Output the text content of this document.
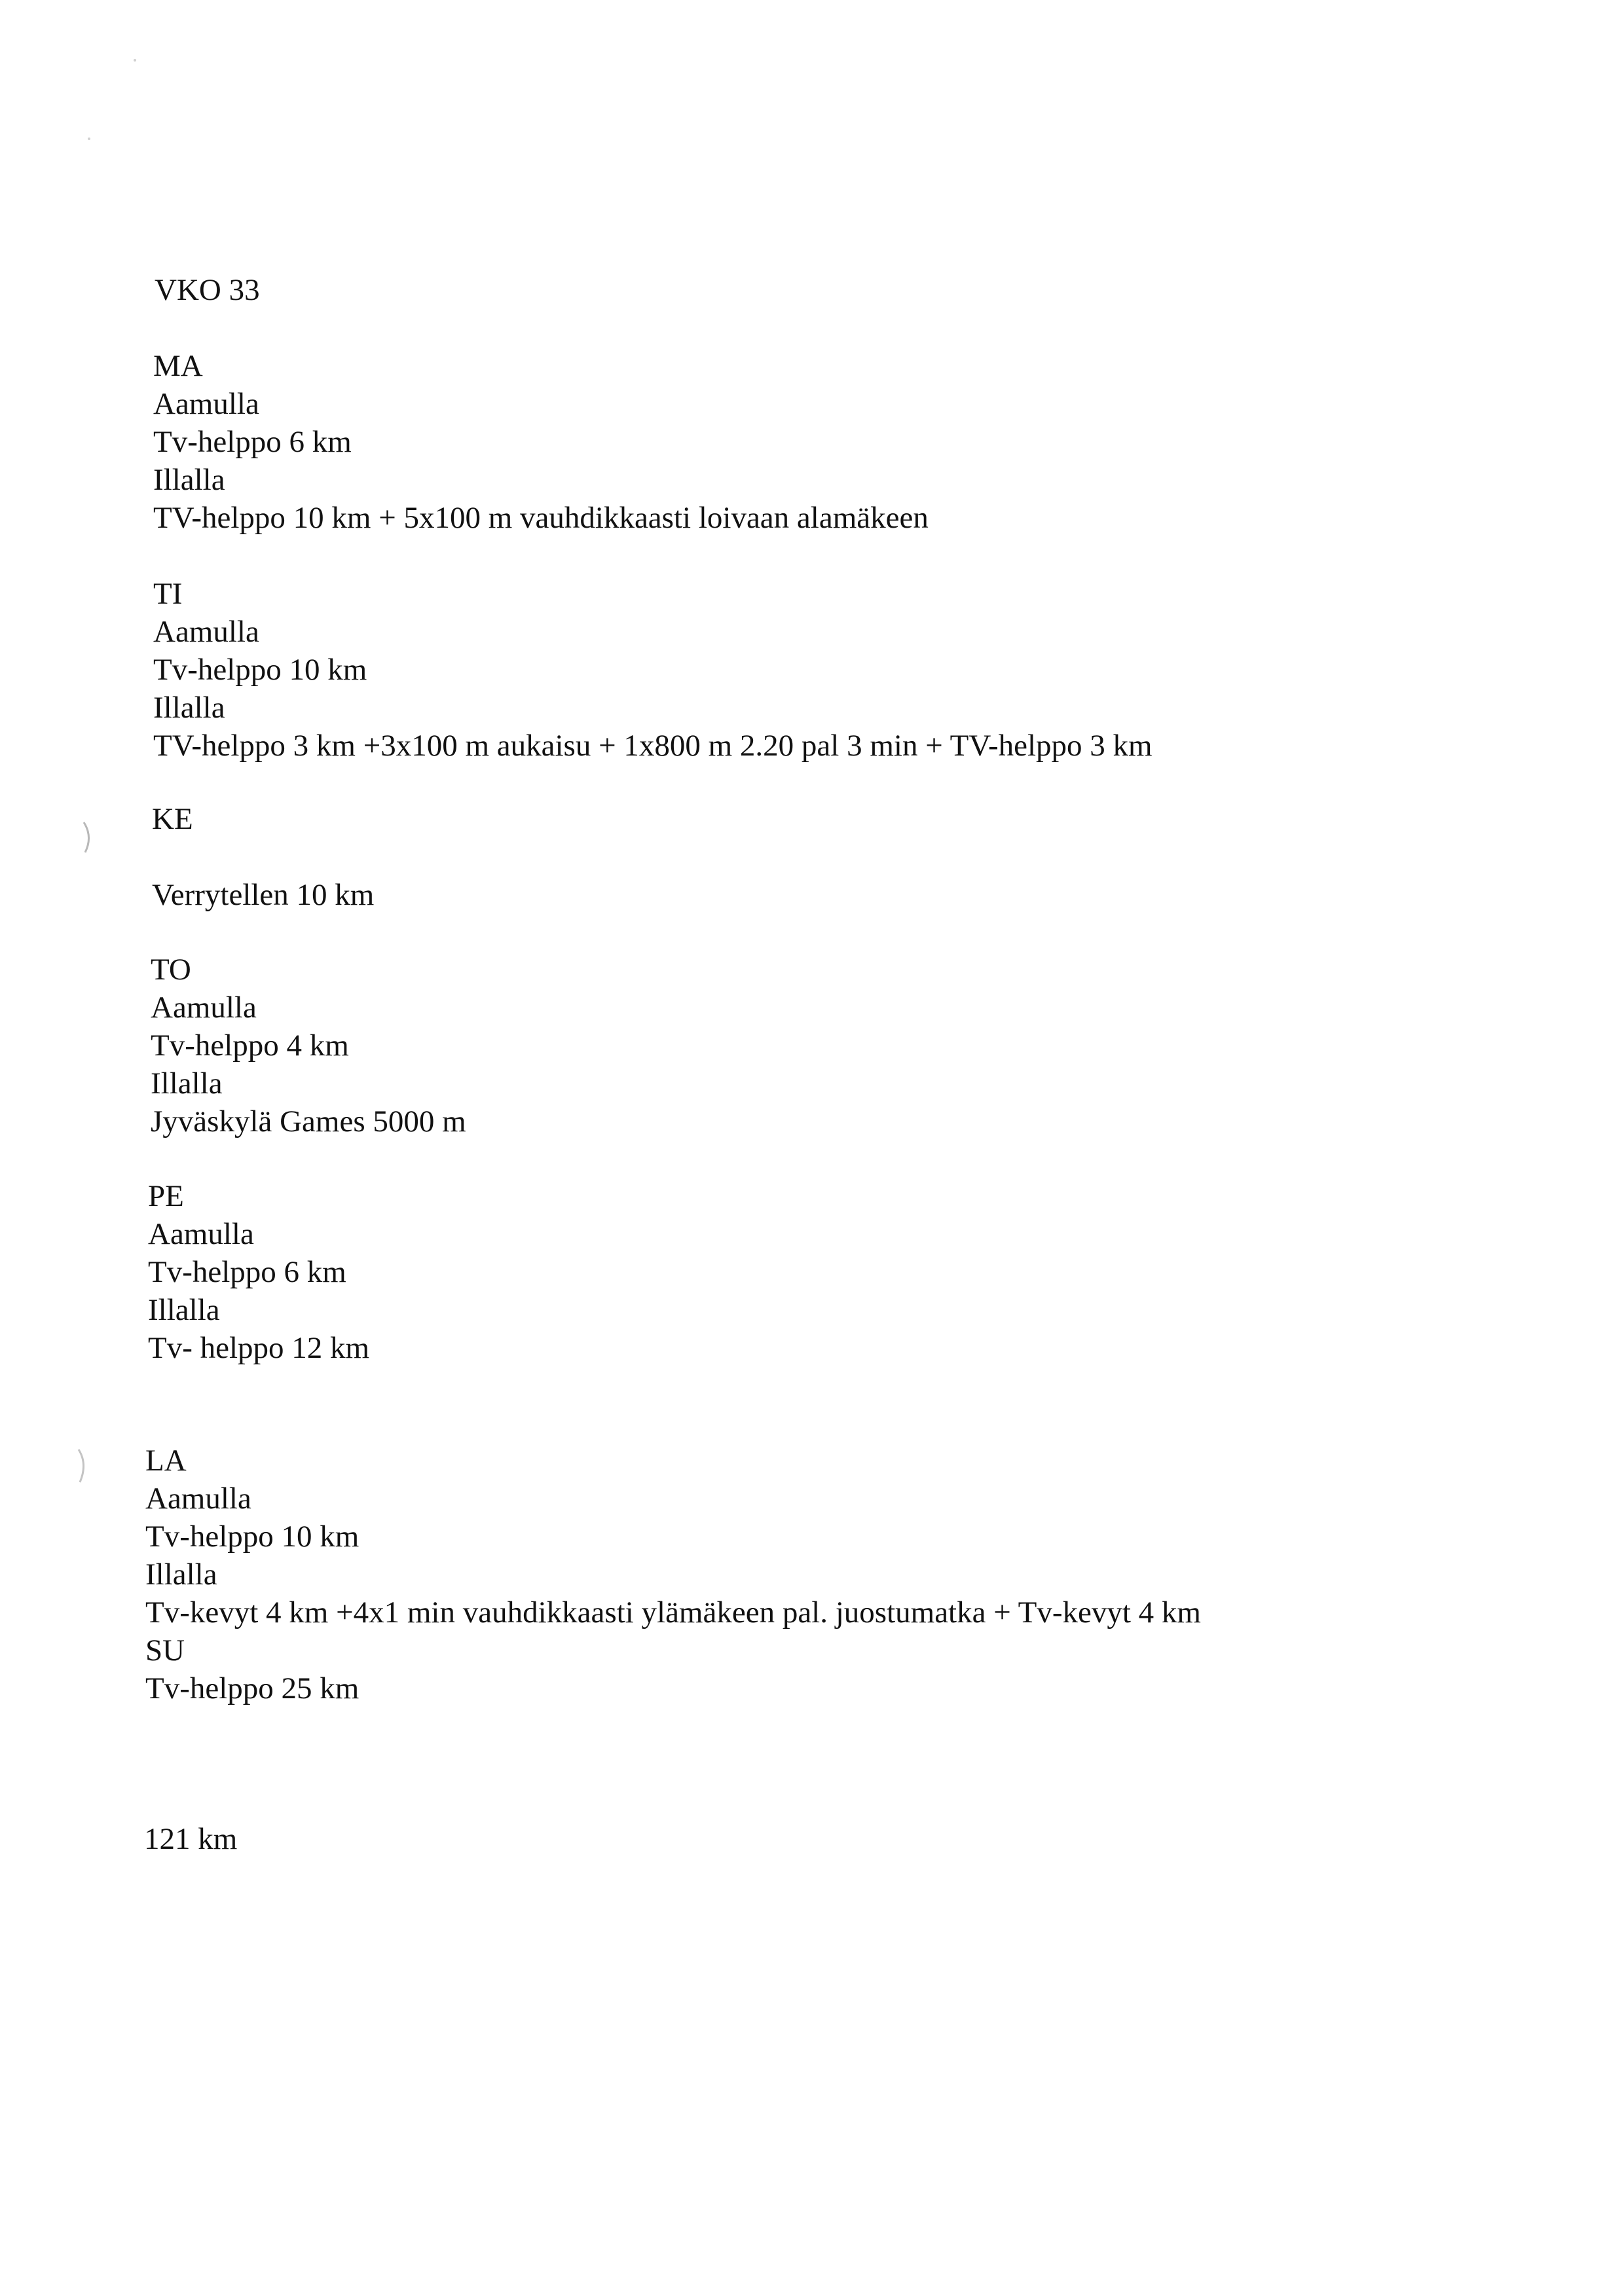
VKO 33
MA
Aamulla
Tv-helppo 6 km
Illalla
TV-helppo 10 km + 5x100 m vauhdikkaasti loivaan alamäkeen
TI
Aamulla
Tv-helppo 10 km
Illalla
TV-helppo 3 km +3x100 m aukaisu + 1x800 m 2.20 pal 3 min + TV-helppo 3 km
KE
Verrytellen 10 km
TO
Aamulla
Tv-helppo 4 km
Illalla
Jyväskylä Games 5000 m
PE
Aamulla
Tv-helppo 6 km
Illalla
Tv- helppo 12 km
LA
Aamulla
Tv-helppo 10 km
Illalla
Tv-kevyt 4 km +4x1 min vauhdikkaasti ylämäkeen pal. juostumatka + Tv-kevyt 4 km
SU
Tv-helppo 25 km
121 km
